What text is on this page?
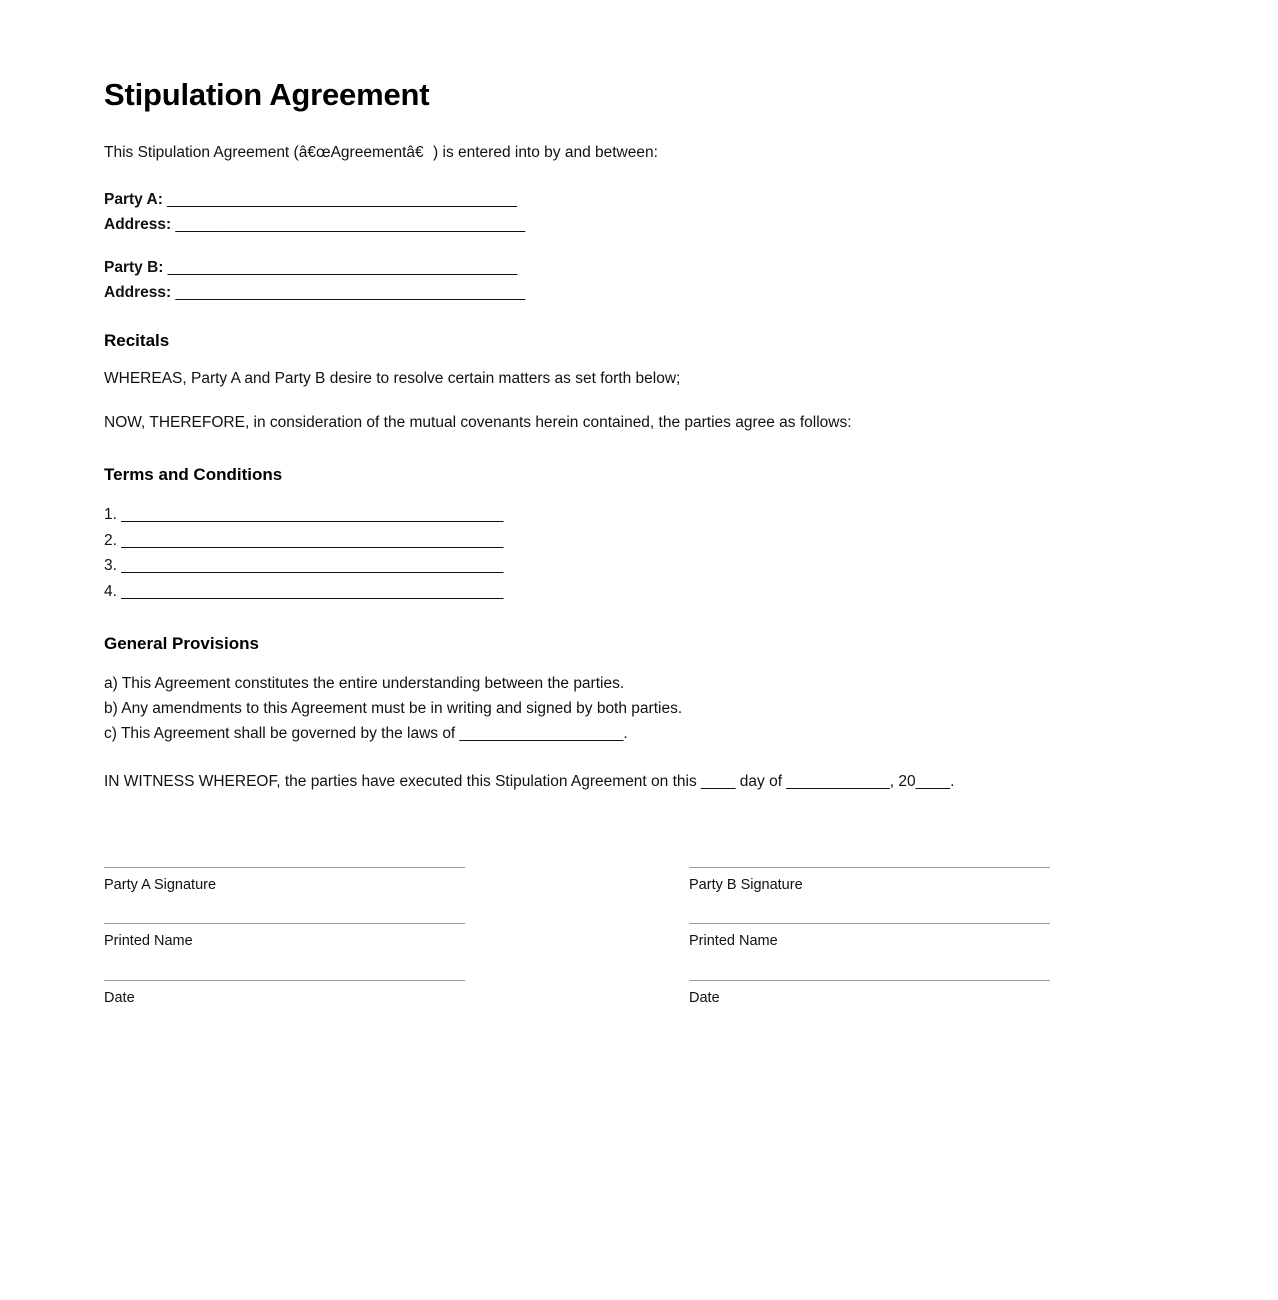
Stipulation Agreement

This Stipulation Agreement (â€œAgreementâ€) is entered into by and between:

Party A: ___________________________________________
Address: ___________________________________________
Party B: ___________________________________________
Address: ___________________________________________
Recitals

WHEREAS, Party A and Party B desire to resolve certain matters as set forth below;

NOW, THEREFORE, in consideration of the mutual covenants herein contained, the parties agree as follows:

Terms and Conditions
1. _______________________________________________
2. _______________________________________________
3. _______________________________________________
4. _______________________________________________
General Provisions
a) This Agreement constitutes the entire understanding between the parties.
b) Any amendments to this Agreement must be in writing and signed by both parties.
c) This Agreement shall be governed by the laws of ___________________.

IN WITNESS WHEREOF, the parties have executed this Stipulation Agreement on this ____ day of ____________, 20____.

Party A Signature
Printed Name
Date
Party B Signature
Printed Name
Date
